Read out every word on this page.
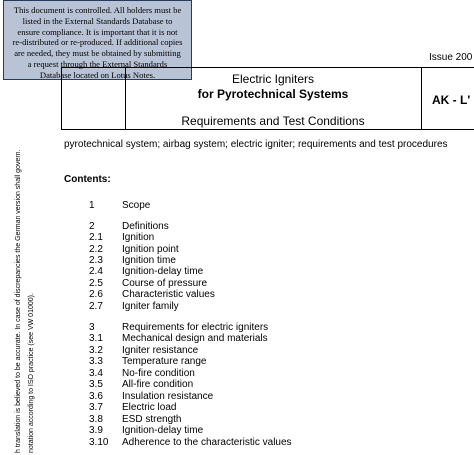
This document is controlled. All holders must be
listed in the External Standards Database to
ensure compliance. It is important that it is not
re-distributed or re-produced. If additional copies
are needed, they must be obtained by submitting
a request through the External Standards
Database located on Lotus Notes.
Issue 200
Electric Igniters
for Pyrotechnical Systems
Requirements and Test Conditions
AK - L'
pyrotechnical system; airbag system; electric igniter; requirements and test procedures
Contents:
1	Scope
2	Definitions
2.1 Ignition
2.2 Ignition point
2.3 Ignition time
2.4 Ignition-delay time
2.5 Course of pressure
2.6 Characteristic values
2.7 Igniter family
3	Requirements for electric igniters
3.1 Mechanical design and materials
3.2 Igniter resistance
3.3 Temperature range
3.4 No-fire condition
3.5 All-fire condition
3.6 Insulation resistance
3.7 Electric load
3.8 ESD strength
3.9 Ignition-delay time
3.10 Adherence to the characteristic values
h translation is believed to be accurate. In case of discrepancies the German version shall govern. notation according to ISO practice (see VW 01000).
